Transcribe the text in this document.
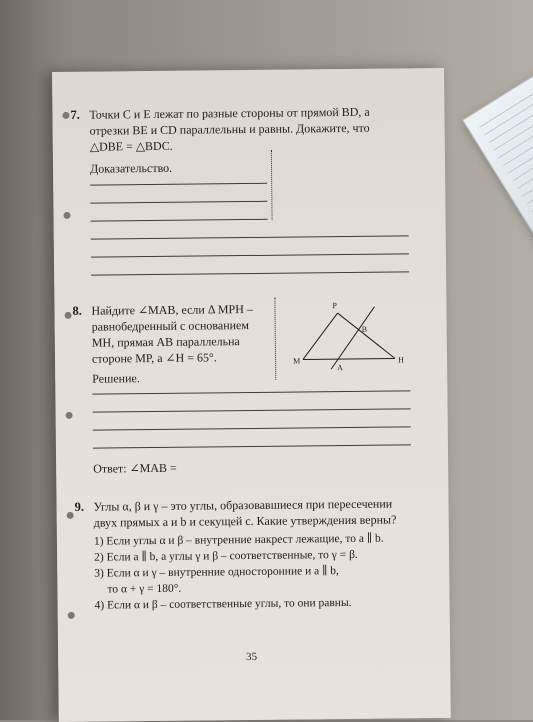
7. Точки C и E лежат по разные стороны от прямой BD, а
отрезки BE и CD параллельны и равны. Докажите, что
△DBE = △BDC.
Доказательство.
8. Найдите ∠MAB, если Δ MPH –
равнобедренный с основанием
MH, прямая AB параллельна
стороне MP, а ∠H = 65°.
P
B
M
A
H
Решение.
Ответ: ∠MAB =
9. Углы α, β и γ – это углы, образовавшиеся при пересечении
двух прямых a и b и секущей c. Какие утверждения верны?
1) Если углы α и β – внутренние накрест лежащие, то a ∥ b.
2) Если a ∥ b, а углы γ и β – соответственные, то γ = β.
3) Если α и γ – внутренние односторонние и a ∥ b,
то α + γ = 180°.
4) Если α и β – соответственные углы, то они равны.
35
